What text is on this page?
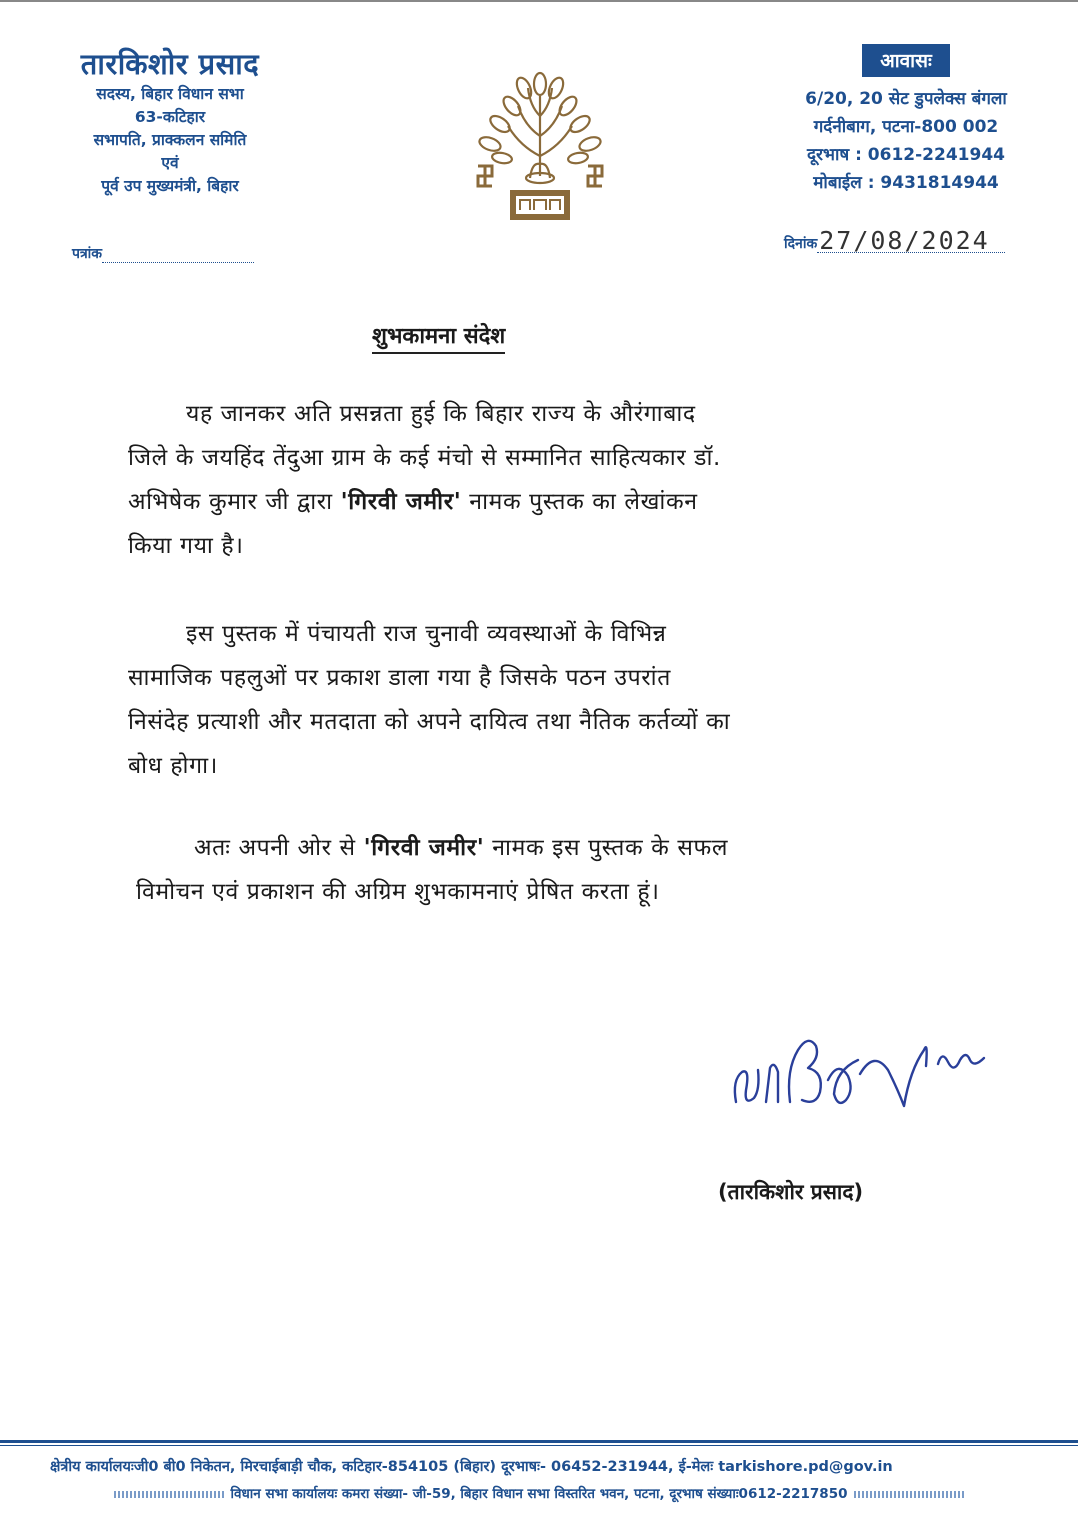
तारकिशोर प्रसाद
सदस्य, बिहार विधान सभा
63-कटिहार
सभापति, प्राक्कलन समिति
एवं
पूर्व उप मुख्यमंत्री, बिहार
आवासः
6/20, 20 सेट डुपलेक्स बंगला
गर्दनीबाग, पटना-800 002
दूरभाष : 0612-2241944
मोबाईल : 9431814944
पत्रांक
दिनांक 27/08/2024
शुभकामना संदेश
यह जानकर अति प्रसन्नता हुई कि बिहार राज्य के औरंगाबाद
जिले के जयहिंद तेंदुआ ग्राम के कई मंचो से सम्मानित साहित्यकार डॉ.
अभिषेक कुमार जी द्वारा 'गिरवी जमीर' नामक पुस्तक का लेखांकन
किया गया है।
इस पुस्तक में पंचायती राज चुनावी व्यवस्थाओं के विभिन्न
सामाजिक पहलुओं पर प्रकाश डाला गया है जिसके पठन उपरांत
निसंदेह प्रत्याशी और मतदाता को अपने दायित्व तथा नैतिक कर्तव्यों का
बोध होगा।
अतः अपनी ओर से 'गिरवी जमीर' नामक इस पुस्तक के सफल
विमोचन एवं प्रकाशन की अग्रिम शुभकामनाएं प्रेषित करता हूं।
(तारकिशोर प्रसाद)
क्षेत्रीय कार्यालयःजी0 बी0 निकेतन, मिरचाईबाड़ी चौक, कटिहार-854105 (बिहार) दूरभाषः- 06452-231944, ई-मेलः tarkishore.pd@gov.in
विधान सभा कार्यालयः कमरा संख्या- जी-59, बिहार विधान सभा विस्तरित भवन, पटना, दूरभाष संख्याः0612-2217850
